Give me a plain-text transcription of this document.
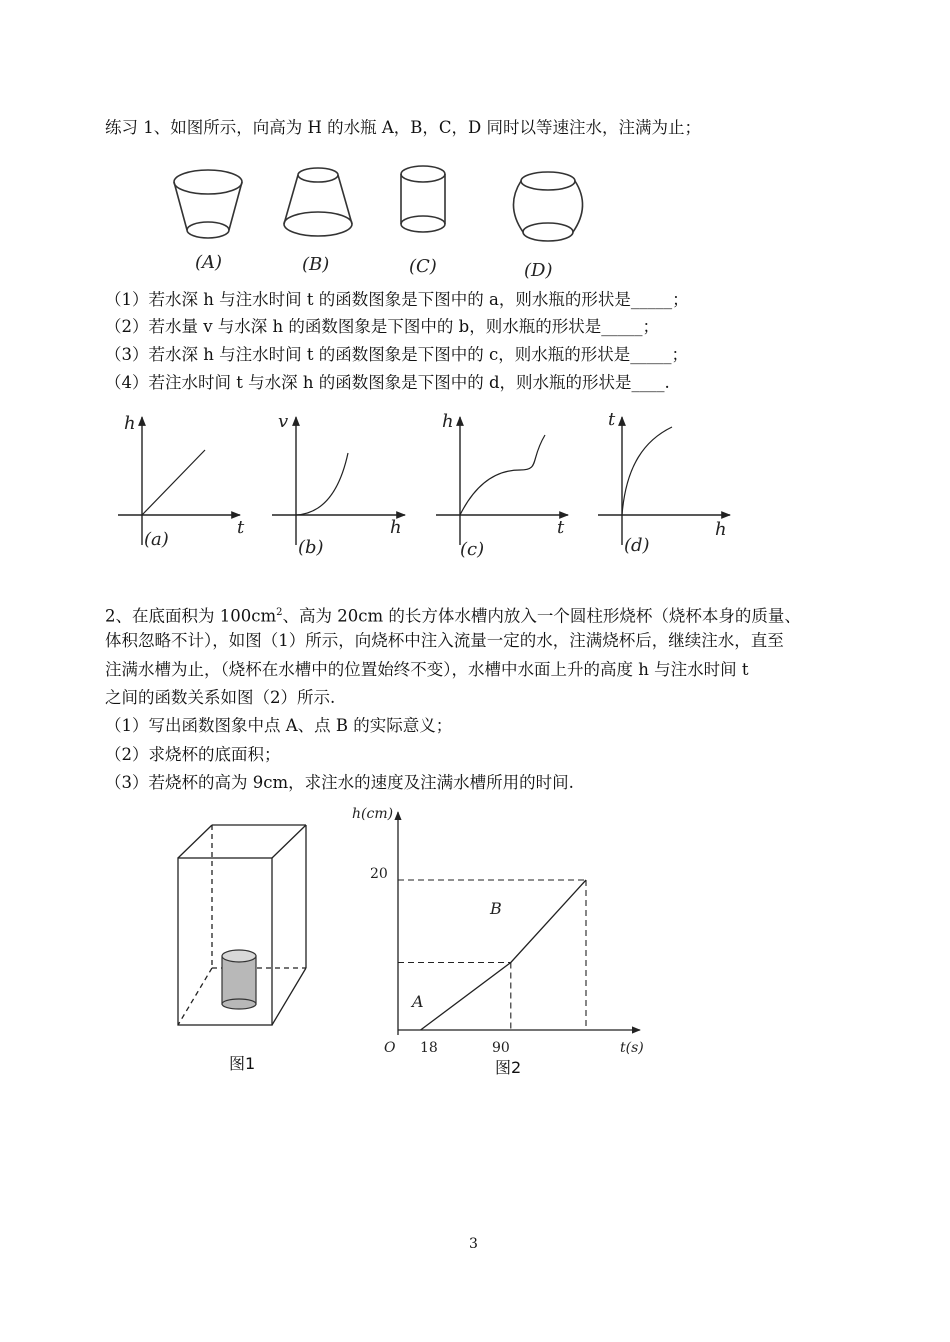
练习 1、如图所示，向高为 H 的水瓶 A，B，C，D 同时以等速注水，注满为止；
(A)	(B)	(C)	(D)
（1）若水深 h 与注水时间 t 的函数图象是下图中的 a，则水瓶的形状是_____；
（2）若水量 v 与水深 h 的函数图象是下图中的 b，则水瓶的形状是_____；
（3）若水深 h 与注水时间 t 的函数图象是下图中的 c，则水瓶的形状是_____；
（4）若注水时间 t 与水深 h 的函数图象是下图中的 d，则水瓶的形状是____.
h
t
(a)
v
h
(b)
h
t
(c)
t
h
(d)
2、在底面积为 $100cm^2$、高为 20cm 的长方体水槽内放入一个圆柱形烧杯（烧杯本身的质量、
体积忽略不计），如图（1）所示，向烧杯中注入流量一定的水，注满烧杯后，继续注水，直至
注满水槽为止，（烧杯在水槽中的位置始终不变），水槽中水面上升的高度 h 与注水时间 t
之间的函数关系如图（2）所示.
（1）写出函数图象中点 A、点 B 的实际意义；
（2）求烧杯的底面积；
（3）若烧杯的高为 9cm，求注水的速度及注满水槽所用的时间.
图1
h(cm)
t(s)
O
20
18	90
A
B
图2
3
